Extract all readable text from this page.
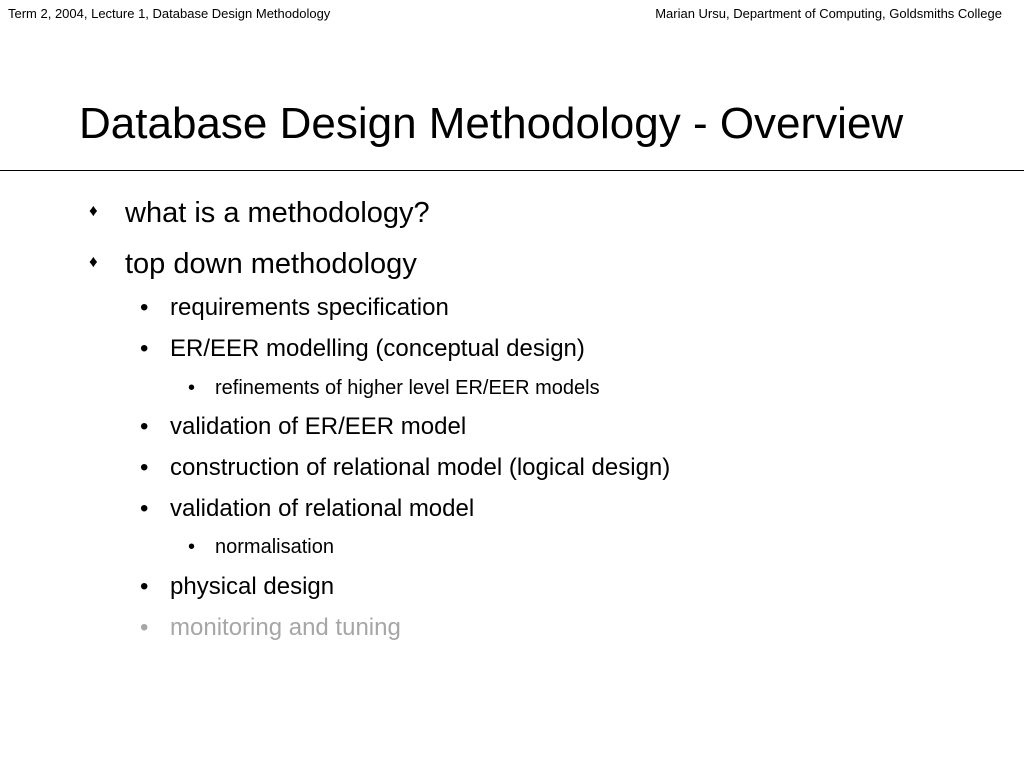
Term 2, 2004, Lecture 1, Database Design Methodology	Marian Ursu, Department of Computing, Goldsmiths College
Database Design Methodology - Overview
♦ what is a methodology?
♦ top down methodology
• requirements specification
• ER/EER modelling (conceptual design)
• refinements of higher level ER/EER models
• validation of ER/EER model
• construction of relational model (logical design)
• validation of relational model
• normalisation
• physical design
• monitoring and tuning
